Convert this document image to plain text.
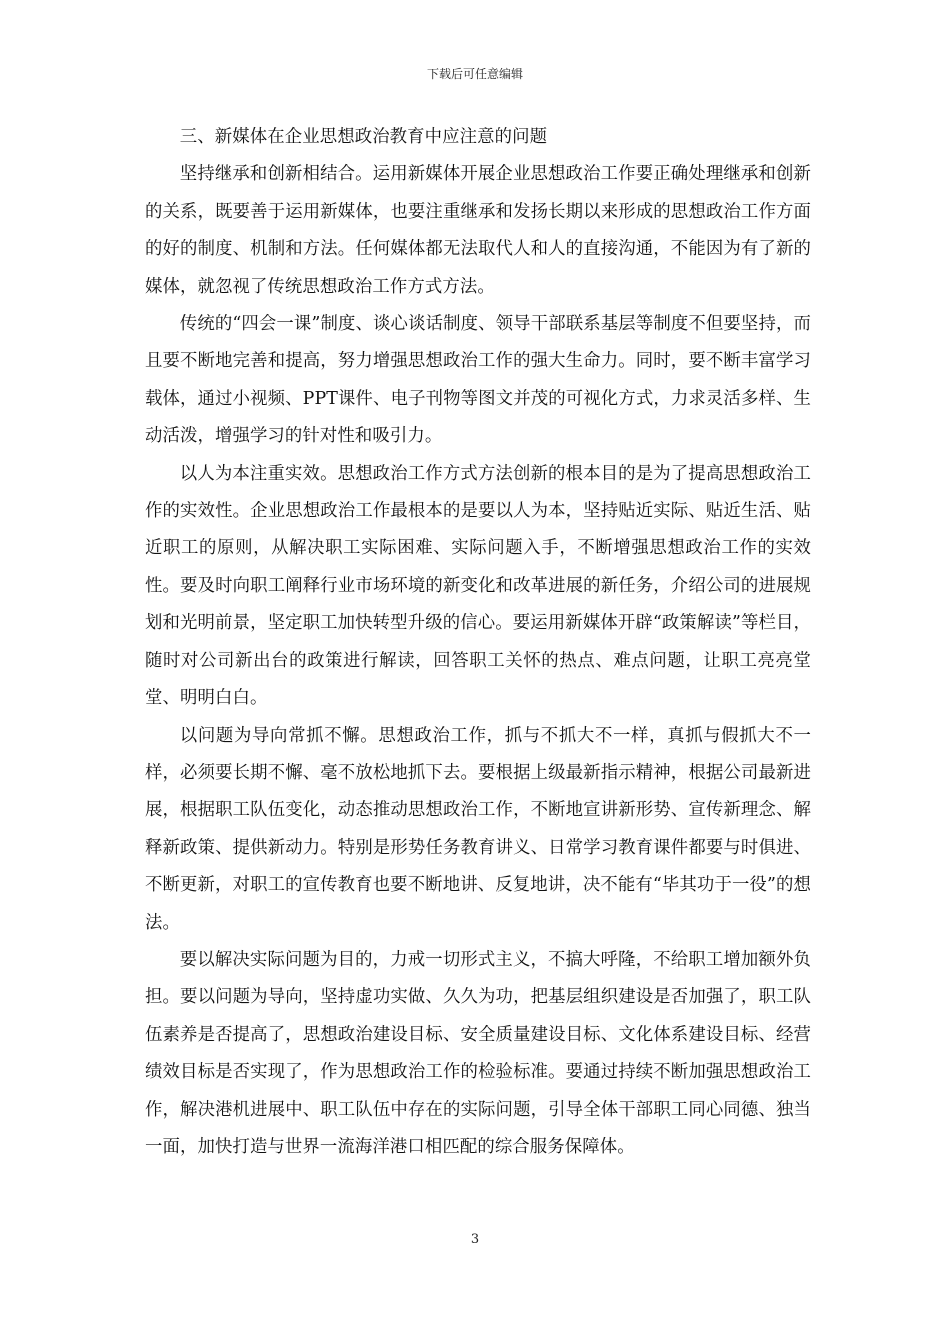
下载后可任意编辑

三、新媒体在企业思想政治教育中应注意的问题

坚持继承和创新相结合。运用新媒体开展企业思想政治工作要正确处理继承和创新的关系，既要善于运用新媒体，也要注重继承和发扬长期以来形成的思想政治工作方面的好的制度、机制和方法。任何媒体都无法取代人和人的直接沟通，不能因为有了新的媒体，就忽视了传统思想政治工作方式方法。

传统的“四会一课”制度、谈心谈话制度、领导干部联系基层等制度不但要坚持，而且要不断地完善和提高，努力增强思想政治工作的强大生命力。同时，要不断丰富学习载体，通过小视频、PPT课件、电子刊物等图文并茂的可视化方式，力求灵活多样、生动活泼，增强学习的针对性和吸引力。

以人为本注重实效。思想政治工作方式方法创新的根本目的是为了提高思想政治工作的实效性。企业思想政治工作最根本的是要以人为本，坚持贴近实际、贴近生活、贴近职工的原则，从解决职工实际困难、实际问题入手，不断增强思想政治工作的实效性。要及时向职工阐释行业市场环境的新变化和改革进展的新任务，介绍公司的进展规划和光明前景，坚定职工加快转型升级的信心。要运用新媒体开辟“政策解读”等栏目，随时对公司新出台的政策进行解读，回答职工关怀的热点、难点问题，让职工亮亮堂堂、明明白白。

以问题为导向常抓不懈。思想政治工作，抓与不抓大不一样，真抓与假抓大不一样，必须要长期不懈、毫不放松地抓下去。要根据上级最新指示精神，根据公司最新进展，根据职工队伍变化，动态推动思想政治工作，不断地宣讲新形势、宣传新理念、解释新政策、提供新动力。特别是形势任务教育讲义、日常学习教育课件都要与时俱进、不断更新，对职工的宣传教育也要不断地讲、反复地讲，决不能有“毕其功于一役”的想法。

要以解决实际问题为目的，力戒一切形式主义，不搞大呼隆，不给职工增加额外负担。要以问题为导向，坚持虚功实做、久久为功，把基层组织建设是否加强了，职工队伍素养是否提高了，思想政治建设目标、安全质量建设目标、文化体系建设目标、经营绩效目标是否实现了，作为思想政治工作的检验标准。要通过持续不断加强思想政治工作，解决港机进展中、职工队伍中存在的实际问题，引导全体干部职工同心同德、独当一面，加快打造与世界一流海洋港口相匹配的综合服务保障体。

3
